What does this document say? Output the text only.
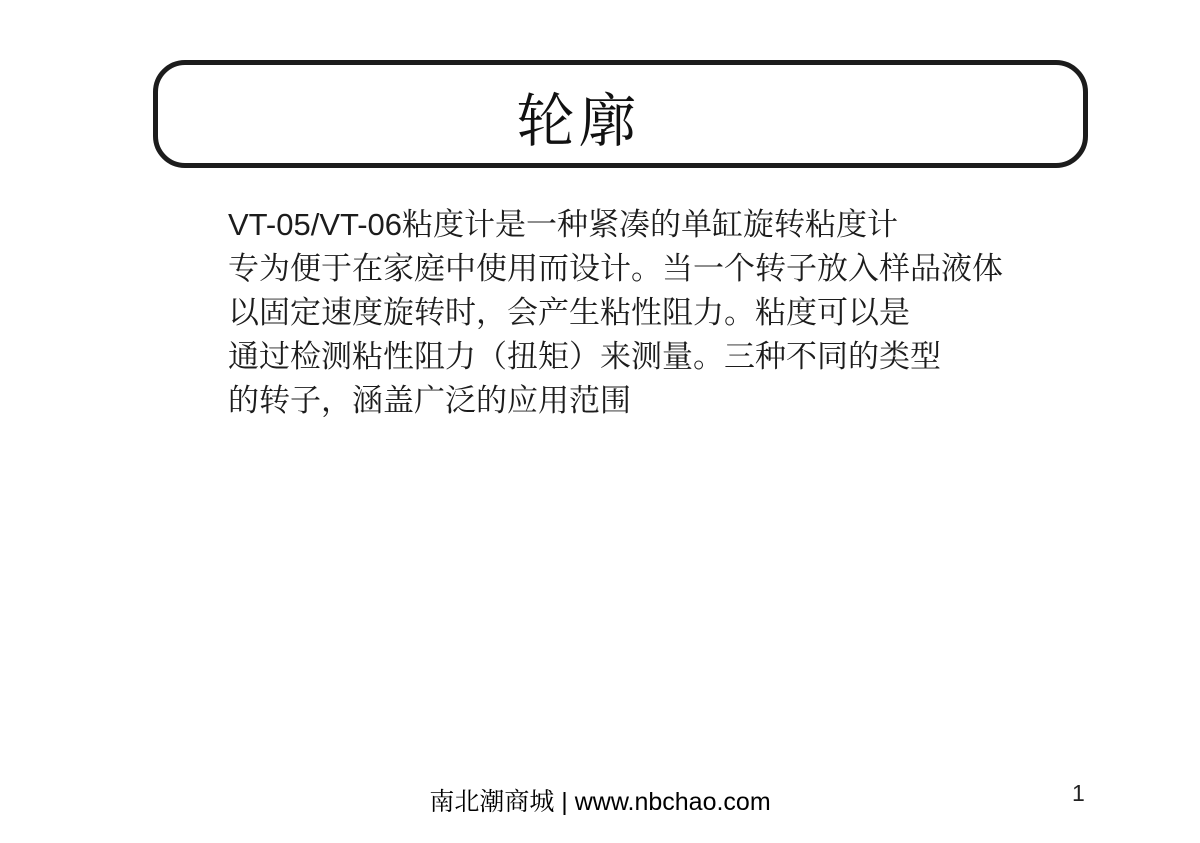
轮廓
VT-05/VT-06粘度计是一种紧凑的单缸旋转粘度计
专为便于在家庭中使用而设计。当一个转子放入样品液体
以固定速度旋转时，会产生粘性阻力。粘度可以是
通过检测粘性阻力（扭矩）来测量。三种不同的类型
的转子，涵盖广泛的应用范围
南北潮商城 | www.nbchao.com	1
